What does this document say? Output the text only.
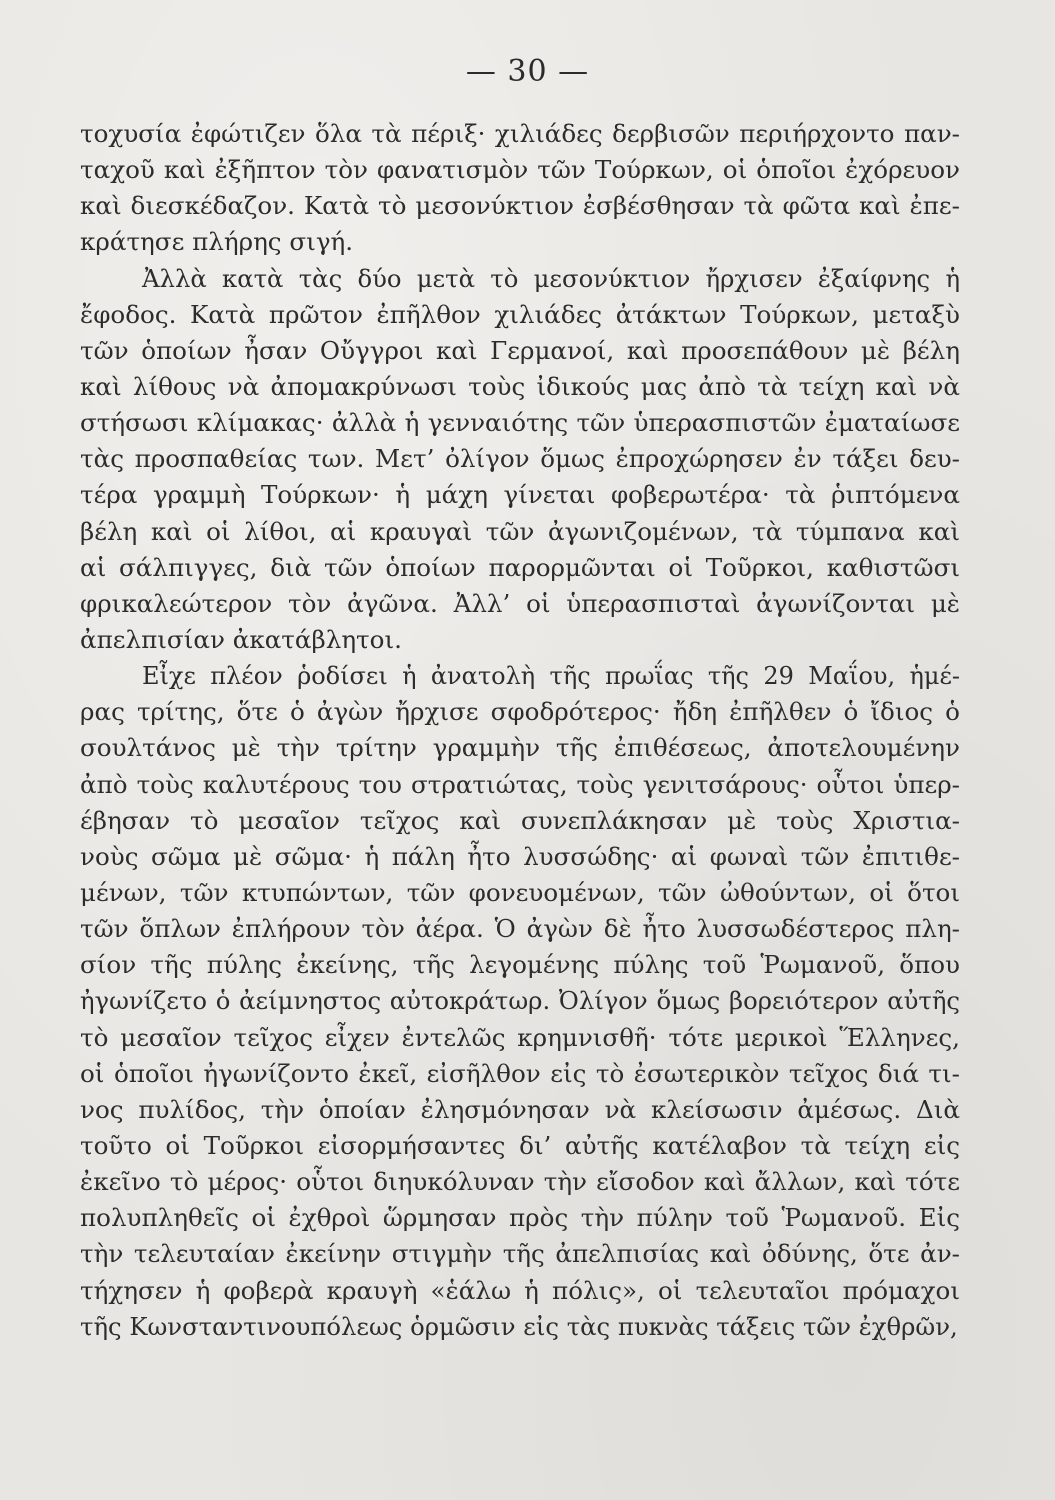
— 30 —
τοχυσία ἐφώτιζεν ὅλα τὰ πέριξ· χιλιάδες δερβισῶν περιήρχοντο παν-
ταχοῦ καὶ ἐξῆπτον τὸν φανατισμὸν τῶν Τούρκων, οἱ ὁποῖοι ἐχόρευον
καὶ διεσκέδαζον. Κατὰ τὸ μεσονύκτιον ἐσβέσθησαν τὰ φῶτα καὶ ἐπε-
κράτησε πλήρης σιγή.
Ἀλλὰ κατὰ τὰς δύο μετὰ τὸ μεσονύκτιον ἤρχισεν ἐξαίφνης ἡ
ἔφοδος. Κατὰ πρῶτον ἐπῆλθον χιλιάδες ἀτάκτων Τούρκων, μεταξὺ
τῶν ὁποίων ἦσαν Οὔγγροι καὶ Γερμανοί, καὶ προσεπάθουν μὲ βέλη
καὶ λίθους νὰ ἀπομακρύνωσι τοὺς ἰδικούς μας ἀπὸ τὰ τείχη καὶ νὰ
στήσωσι κλίμακας· ἀλλὰ ἡ γενναιότης τῶν ὑπερασπιστῶν ἐματαίωσε
τὰς προσπαθείας των. Μετ’ ὀλίγον ὅμως ἐπροχώρησεν ἐν τάξει δευ-
τέρα γραμμὴ Τούρκων· ἡ μάχη γίνεται φοβερωτέρα· τὰ ῥιπτόμενα
βέλη καὶ οἱ λίθοι, αἱ κραυγαὶ τῶν ἀγωνιζομένων, τὰ τύμπανα καὶ
αἱ σάλπιγγες, διὰ τῶν ὁποίων παρορμῶνται οἱ Τοῦρκοι, καθιστῶσι
φρικαλεώτερον τὸν ἀγῶνα. Ἀλλ’ οἱ ὑπερασπισταὶ ἀγωνίζονται μὲ
ἀπελπισίαν ἀκατάβλητοι.
Εἶχε πλέον ῥοδίσει ἡ ἀνατολὴ τῆς πρωΐας τῆς 29 Μαΐου, ἡμέ-
ρας τρίτης, ὅτε ὁ ἀγὼν ἤρχισε σφοδρότερος· ἤδη ἐπῆλθεν ὁ ἴδιος ὁ
σουλτάνος μὲ τὴν τρίτην γραμμὴν τῆς ἐπιθέσεως, ἀποτελουμένην
ἀπὸ τοὺς καλυτέρους του στρατιώτας, τοὺς γενιτσάρους· οὗτοι ὑπερ-
έβησαν τὸ μεσαῖον τεῖχος καὶ συνεπλάκησαν μὲ τοὺς Χριστια-
νοὺς σῶμα μὲ σῶμα· ἡ πάλη ἦτο λυσσώδης· αἱ φωναὶ τῶν ἐπιτιθε-
μένων, τῶν κτυπώντων, τῶν φονευομένων, τῶν ὠθούντων, οἱ ὅτοι
τῶν ὅπλων ἐπλήρουν τὸν ἀέρα. Ὁ ἀγὼν δὲ ἦτο λυσσωδέστερος πλη-
σίον τῆς πύλης ἐκείνης, τῆς λεγομένης πύλης τοῦ Ῥωμανοῦ, ὅπου
ἠγωνίζετο ὁ ἀείμνηστος αὐτοκράτωρ. Ὀλίγον ὅμως βορειότερον αὐτῆς
τὸ μεσαῖον τεῖχος εἶχεν ἐντελῶς κρημνισθῆ· τότε μερικοὶ Ἕλληνες,
οἱ ὁποῖοι ἠγωνίζοντο ἐκεῖ, εἰσῆλθον εἰς τὸ ἐσωτερικὸν τεῖχος διά τι-
νος πυλίδος, τὴν ὁποίαν ἐλησμόνησαν νὰ κλείσωσιν ἀμέσως. Διὰ
τοῦτο οἱ Τοῦρκοι εἰσορμήσαντες δι’ αὐτῆς κατέλαβον τὰ τείχη εἰς
ἐκεῖνο τὸ μέρος· οὗτοι διηυκόλυναν τὴν εἴσοδον καὶ ἄλλων, καὶ τότε
πολυπληθεῖς οἱ ἐχθροὶ ὥρμησαν πρὸς τὴν πύλην τοῦ Ῥωμανοῦ. Εἰς
τὴν τελευταίαν ἐκείνην στιγμὴν τῆς ἀπελπισίας καὶ ὀδύνης, ὅτε ἀν-
τήχησεν ἡ φοβερὰ κραυγὴ «ἑάλω ἡ πόλις», οἱ τελευταῖοι πρόμαχοι
τῆς Κωνσταντινουπόλεως ὁρμῶσιν εἰς τὰς πυκνὰς τάξεις τῶν ἐχθρῶν,
